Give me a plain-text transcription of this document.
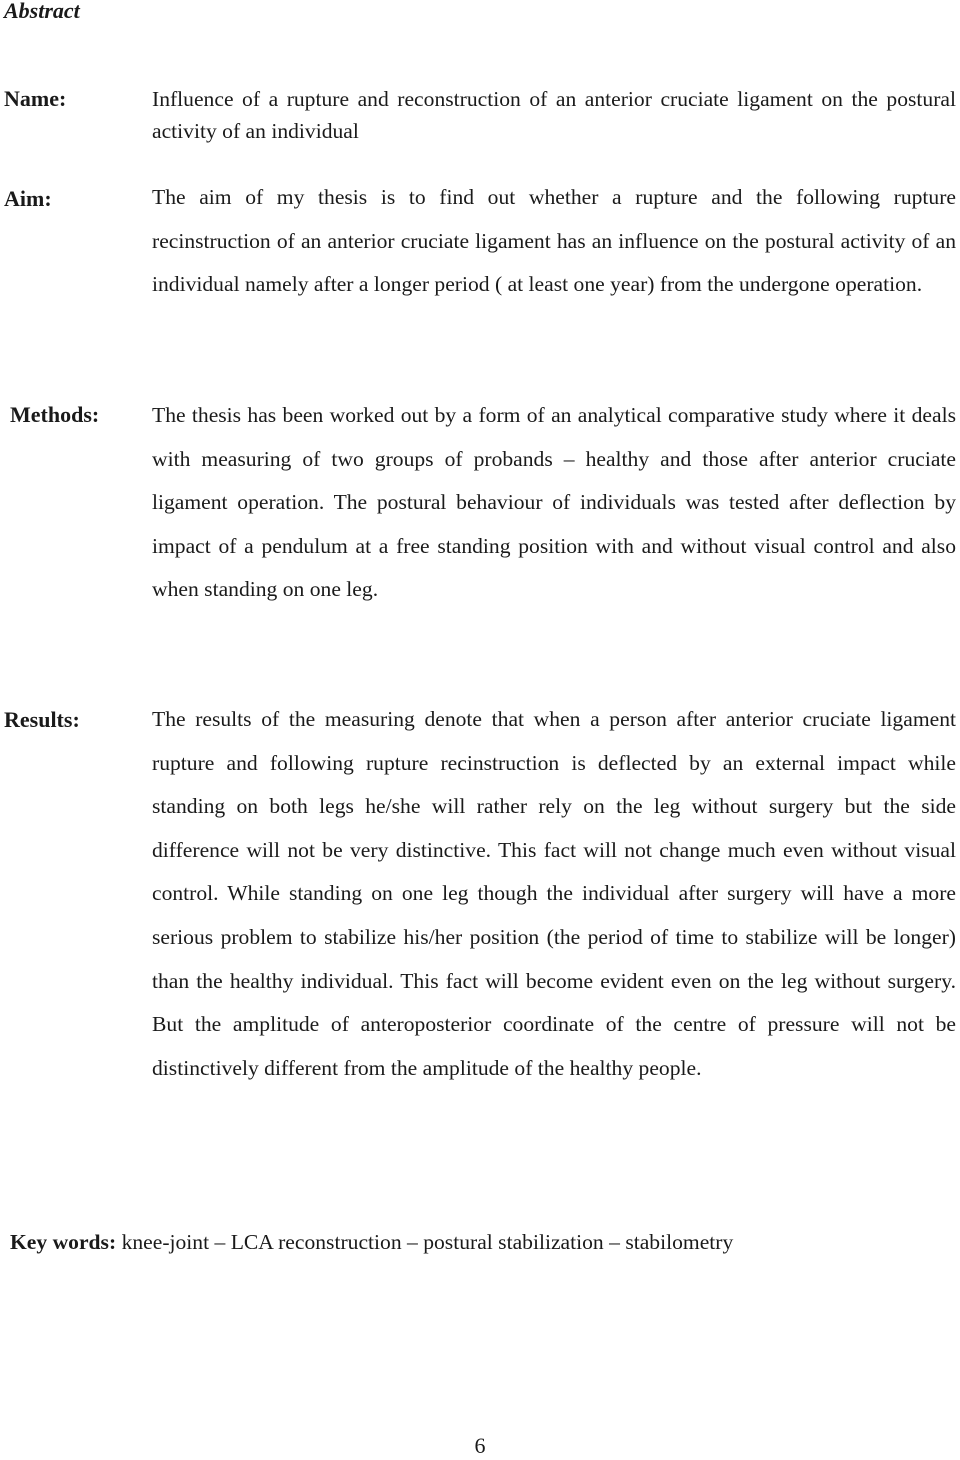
Abstract
Name:	Influence of a rupture and reconstruction of an anterior cruciate ligament on the postural activity of an individual

Aim:	The aim of my thesis is to find out whether a rupture and the following rupture recinstruction of an anterior cruciate ligament has an influence on the postural activity of an individual namely after a longer period ( at least one year) from the undergone operation.

Methods: The thesis has been worked out by a form of an analytical comparative study where it deals with measuring of two groups of probands – healthy and those after anterior cruciate ligament operation. The postural behaviour of individuals was tested after deflection by impact of a pendulum at a free standing position with and without visual control and also when standing on one leg.

Results:	The results of the measuring denote that when a person after anterior cruciate ligament rupture and following rupture recinstruction is deflected by an external impact while standing on both legs he/she will rather rely on the leg without surgery but the side difference will not be very distinctive. This fact will not change much even without visual control. While standing on one leg though the individual after surgery will have a more serious problem to stabilize his/her position (the period of time to stabilize will be longer) than the healthy individual. This fact will become evident even on the leg without surgery. But the amplitude of anteroposterior coordinate of the centre of pressure will not be distinctively different from the amplitude of the healthy people.

Key words: knee-joint – LCA reconstruction – postural stabilization – stabilometry

6
